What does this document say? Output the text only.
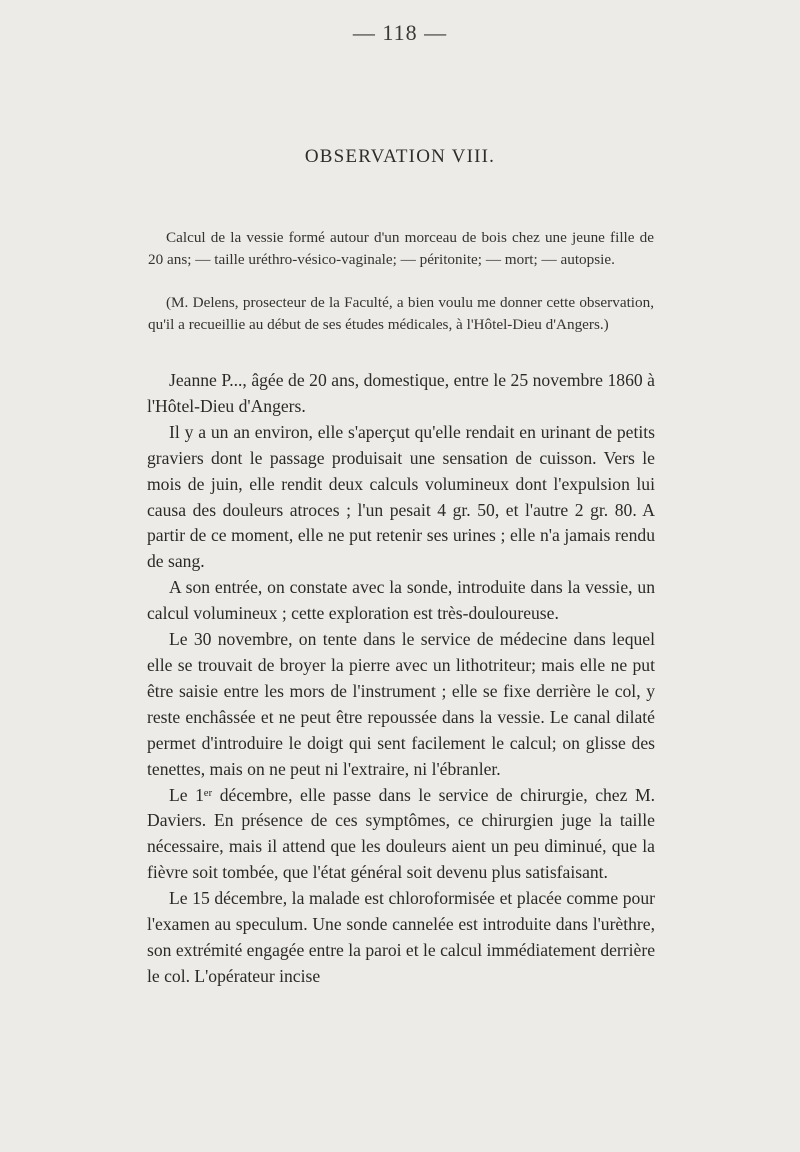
— 118 —
OBSERVATION VIII.

Calcul de la vessie formé autour d'un morceau de bois chez une jeune fille de 20 ans; — taille uréthro-vésico-vaginale; — péritonite; — mort; — autopsie.

(M. Delens, prosecteur de la Faculté, a bien voulu me donner cette observation, qu'il a recueillie au début de ses études médicales, à l'Hôtel-Dieu d'Angers.)

Jeanne P..., âgée de 20 ans, domestique, entre le 25 novembre 1860 à l'Hôtel-Dieu d'Angers.

Il y a un an environ, elle s'aperçut qu'elle rendait en urinant de petits graviers dont le passage produisait une sensation de cuisson. Vers le mois de juin, elle rendit deux calculs volumineux dont l'expulsion lui causa des douleurs atroces ; l'un pesait 4 gr. 50, et l'autre 2 gr. 80. A partir de ce moment, elle ne put retenir ses urines ; elle n'a jamais rendu de sang.

A son entrée, on constate avec la sonde, introduite dans la vessie, un calcul volumineux ; cette exploration est très-douloureuse.

Le 30 novembre, on tente dans le service de médecine dans lequel elle se trouvait de broyer la pierre avec un lithotriteur; mais elle ne put être saisie entre les mors de l'instrument ; elle se fixe derrière le col, y reste enchâssée et ne peut être repoussée dans la vessie. Le canal dilaté permet d'introduire le doigt qui sent facilement le calcul; on glisse des tenettes, mais on ne peut ni l'extraire, ni l'ébranler.

Le 1ᵉʳ décembre, elle passe dans le service de chirurgie, chez M. Daviers. En présence de ces symptômes, ce chirurgien juge la taille nécessaire, mais il attend que les douleurs aient un peu diminué, que la fièvre soit tombée, que l'état général soit devenu plus satisfaisant.

Le 15 décembre, la malade est chloroformisée et placée comme pour l'examen au speculum. Une sonde cannelée est introduite dans l'urèthre, son extrémité engagée entre la paroi et le calcul immédiatement derrière le col. L'opérateur incise
